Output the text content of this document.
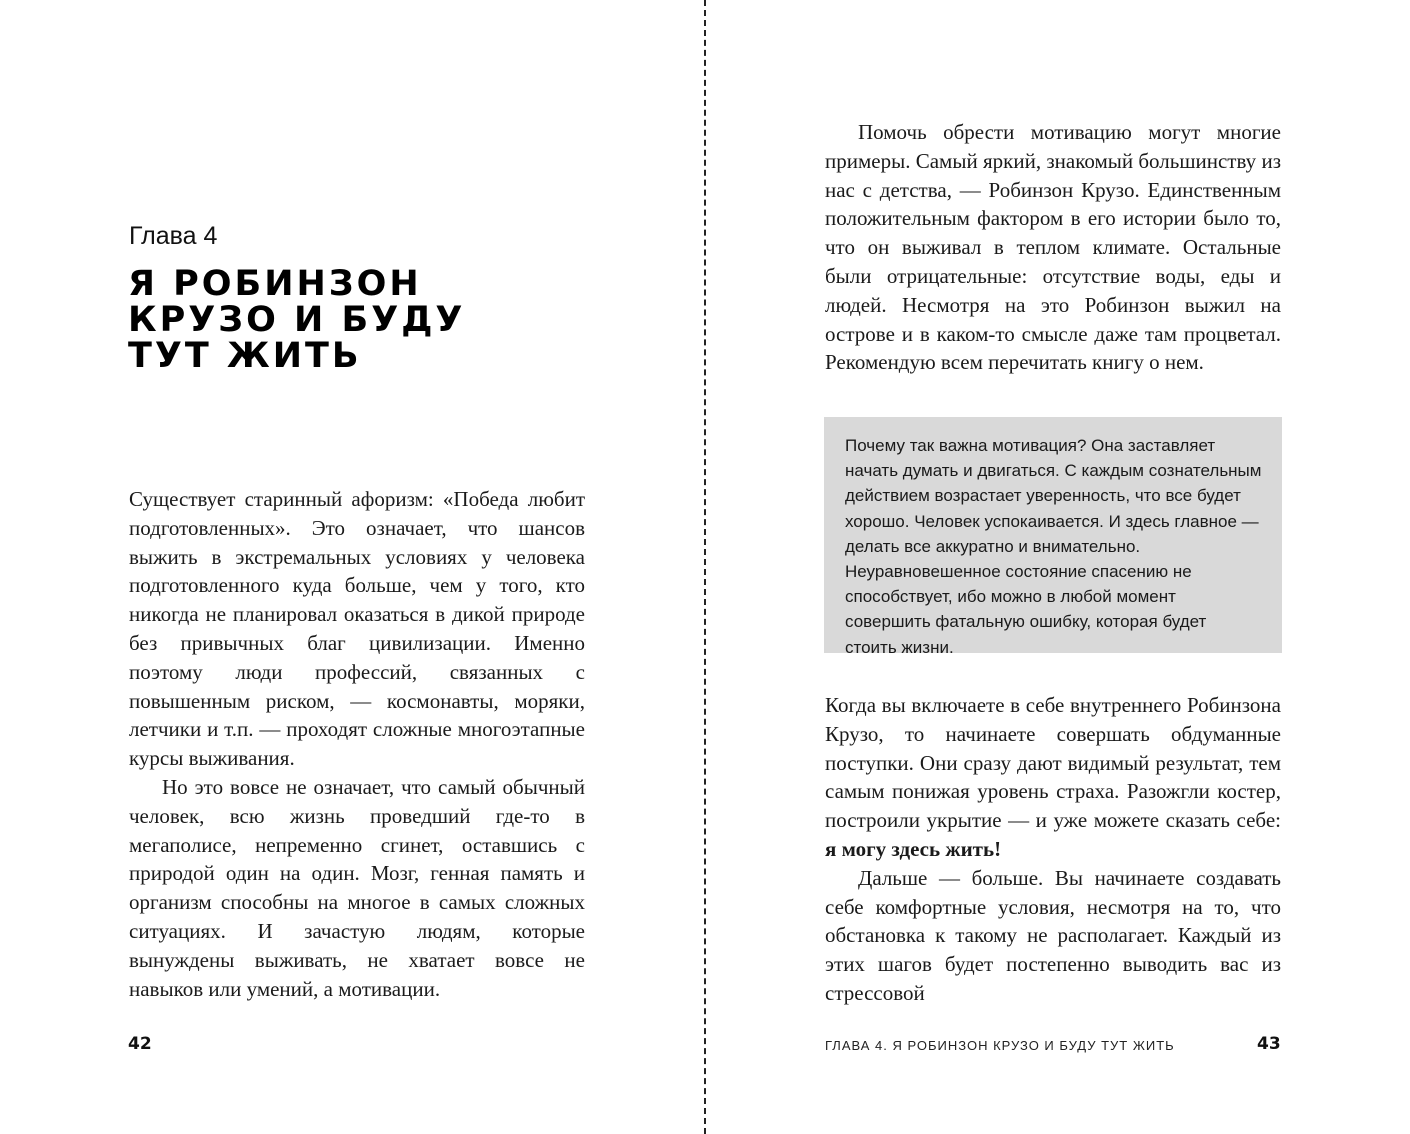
Глава 4
Я РОБИНЗОН
КРУЗО И БУДУ
ТУТ ЖИТЬ

Существует старинный афоризм: «Победа любит подготовленных». Это означает, что шансов выжить в экстремальных условиях у человека подготовленного куда больше, чем у того, кто никогда не планировал оказаться в дикой природе без привычных благ цивилизации. Именно поэтому люди профессий, связанных с повышенным риском, — космонавты, моряки, летчики и т.п. — проходят сложные многоэтапные курсы выживания.

Но это вовсе не означает, что самый обычный человек, всю жизнь проведший где-то в мегаполисе, непременно сгинет, оставшись с природой один на один. Мозг, генная память и организм способны на многое в самых сложных ситуациях. И зачастую людям, которые вынуждены выживать, не хватает вовсе не навыков или умений, а мотивации.

42

Помочь обрести мотивацию могут многие примеры. Самый яркий, знакомый большинству из нас с детства, — Робинзон Крузо. Единственным положительным фактором в его истории было то, что он выживал в теплом климате. Остальные были отрицательные: отсутствие воды, еды и людей. Несмотря на это Робинзон выжил на острове и в каком-то смысле даже там процветал. Рекомендую всем перечитать книгу о нем.

Почему так важна мотивация? Она заставляет начать думать и двигаться. С каждым сознательным действием возрастает уверенность, что все будет хорошо. Человек успокаивается. И здесь главное — делать все аккуратно и внимательно. Неуравновешенное состояние спасению не способствует, ибо можно в любой момент совершить фатальную ошибку, которая будет стоить жизни.

Когда вы включаете в себе внутреннего Робинзона Крузо, то начинаете совершать обдуманные поступки. Они сразу дают видимый результат, тем самым понижая уровень страха. Разожгли костер, построили укрытие — и уже можете сказать себе: я могу здесь жить!

Дальше — больше. Вы начинаете создавать себе комфортные условия, несмотря на то, что обстановка к такому не располагает. Каждый из этих шагов будет постепенно выводить вас из стрессовой

ГЛАВА 4. Я РОБИНЗОН КРУЗО И БУДУ ТУТ ЖИТЬ	43
